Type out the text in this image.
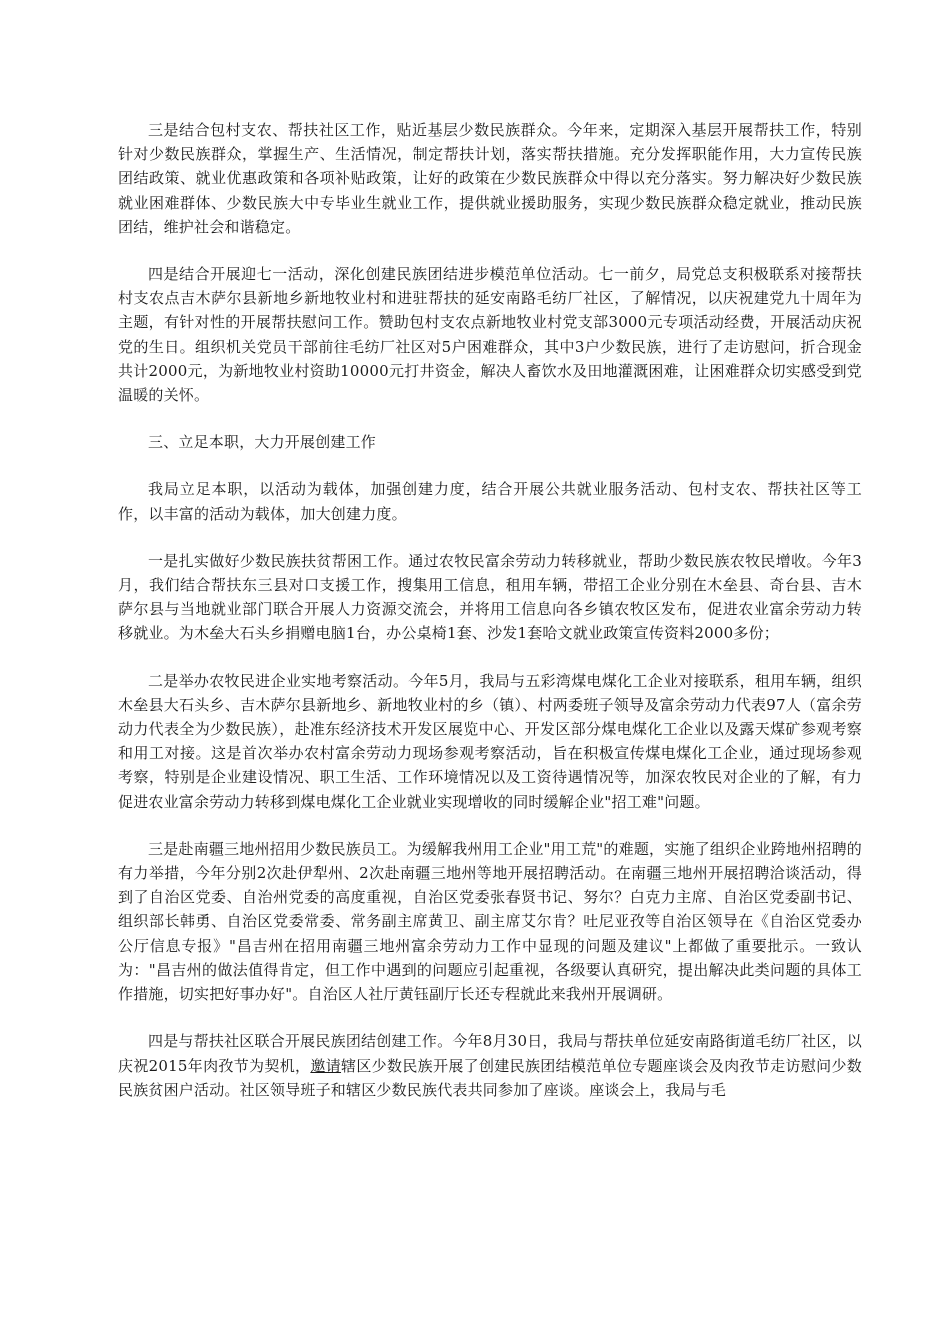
三是结合包村支农、帮扶社区工作，贴近基层少数民族群众。今年来，定期深入基层开展帮扶工作，特别针对少数民族群众，掌握生产、生活情况，制定帮扶计划，落实帮扶措施。充分发挥职能作用，大力宣传民族团结政策、就业优惠政策和各项补贴政策，让好的政策在少数民族群众中得以充分落实。努力解决好少数民族就业困难群体、少数民族大中专毕业生就业工作，提供就业援助服务，实现少数民族群众稳定就业，推动民族团结，维护社会和谐稳定。

四是结合开展迎七一活动，深化创建民族团结进步模范单位活动。七一前夕，局党总支积极联系对接帮扶村支农点吉木萨尔县新地乡新地牧业村和进驻帮扶的延安南路毛纺厂社区，了解情况，以庆祝建党九十周年为主题，有针对性的开展帮扶慰问工作。赞助包村支农点新地牧业村党支部3000元专项活动经费，开展活动庆祝党的生日。组织机关党员干部前往毛纺厂社区对5户困难群众，其中3户少数民族，进行了走访慰问，折合现金共计2000元，为新地牧业村资助10000元打井资金，解决人畜饮水及田地灌溉困难，让困难群众切实感受到党温暖的关怀。

三、立足本职，大力开展创建工作

我局立足本职，以活动为载体，加强创建力度，结合开展公共就业服务活动、包村支农、帮扶社区等工作，以丰富的活动为载体，加大创建力度。

一是扎实做好少数民族扶贫帮困工作。通过农牧民富余劳动力转移就业，帮助少数民族农牧民增收。今年3月，我们结合帮扶东三县对口支援工作，搜集用工信息，租用车辆，带招工企业分别在木垒县、奇台县、吉木萨尔县与当地就业部门联合开展人力资源交流会，并将用工信息向各乡镇农牧区发布，促进农业富余劳动力转移就业。为木垒大石头乡捐赠电脑1台，办公桌椅1套、沙发1套哈文就业政策宣传资料2000多份；

二是举办农牧民进企业实地考察活动。今年5月，我局与五彩湾煤电煤化工企业对接联系，租用车辆，组织木垒县大石头乡、吉木萨尔县新地乡、新地牧业村的乡（镇）、村两委班子领导及富余劳动力代表97人（富余劳动力代表全为少数民族），赴准东经济技术开发区展览中心、开发区部分煤电煤化工企业以及露天煤矿参观考察和用工对接。这是首次举办农村富余劳动力现场参观考察活动，旨在积极宣传煤电煤化工企业，通过现场参观考察，特别是企业建设情况、职工生活、工作环境情况以及工资待遇情况等，加深农牧民对企业的了解，有力促进农业富余劳动力转移到煤电煤化工企业就业实现增收的同时缓解企业"招工难"问题。

三是赴南疆三地州招用少数民族员工。为缓解我州用工企业"用工荒"的难题，实施了组织企业跨地州招聘的有力举措，今年分别2次赴伊犁州、2次赴南疆三地州等地开展招聘活动。在南疆三地州开展招聘洽谈活动，得到了自治区党委、自治州党委的高度重视，自治区党委张春贤书记、努尔？白克力主席、自治区党委副书记、组织部长韩勇、自治区党委常委、常务副主席黄卫、副主席艾尔肯？吐尼亚孜等自治区领导在《自治区党委办公厅信息专报》"昌吉州在招用南疆三地州富余劳动力工作中显现的问题及建议"上都做了重要批示。一致认为："昌吉州的做法值得肯定，但工作中遇到的问题应引起重视，各级要认真研究，提出解决此类问题的具体工作措施，切实把好事办好"。自治区人社厅黄钰副厅长还专程就此来我州开展调研。

四是与帮扶社区联合开展民族团结创建工作。今年8月30日，我局与帮扶单位延安南路街道毛纺厂社区，以庆祝2015年肉孜节为契机，邀请辖区少数民族开展了创建民族团结模范单位专题座谈会及肉孜节走访慰问少数民族贫困户活动。社区领导班子和辖区少数民族代表共同参加了座谈。座谈会上，我局与毛
